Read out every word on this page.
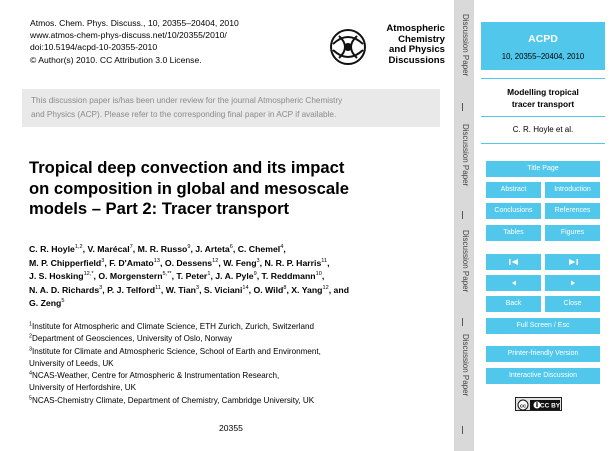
Atmos. Chem. Phys. Discuss., 10, 20355–20404, 2010
www.atmos-chem-phys-discuss.net/10/20355/2010/
doi:10.5194/acpd-10-20355-2010
© Author(s) 2010. CC Attribution 3.0 License.
Atmospheric
Chemistry
and Physics
Discussions
This discussion paper is/has been under review for the journal Atmospheric Chemistry
and Physics (ACP). Please refer to the corresponding final paper in ACP if available.
Tropical deep convection and its impact
on composition in global and mesoscale
models – Part 2: Tracer transport
C. R. Hoyle$^{1,2}$, V. Marécal$^7$, M. R. Russo$^9$, J. Arteta$^6$, C. Chemel$^4$,
M. P. Chipperfield$^3$, F. D'Amato$^{13}$, O. Dessens$^{12}$, W. Feng$^3$, N. R. P. Harris$^{11}$,
J. S. Hosking$^{12,*}$, O. Morgenstern$^{5,**}$, T. Peter$^1$, J. A. Pyle$^9$, T. Reddmann$^{10}$,
N. A. D. Richards$^3$, P. J. Telford$^{11}$, W. Tian$^3$, S. Viciani$^{14}$, O. Wild$^8$, X. Yang$^{12}$, and
G. Zeng$^5$
$^1$Institute for Atmospheric and Climate Science, ETH Zurich, Zurich, Switzerland
$^2$Department of Geosciences, University of Oslo, Norway
$^3$Institute for Climate and Atmospheric Science, School of Earth and Environment,
University of Leeds, UK
$^4$NCAS-Weather, Centre for Atmospheric & Instrumentation Research,
University of Herfordshire, UK
$^5$NCAS-Chemistry Climate, Department of Chemistry, Cambridge University, UK
20355
Discussion Paper
Discussion Paper
Discussion Paper
Discussion Paper
ACPD
10, 20355–20404, 2010
Modelling tropical
tracer transport
C. R. Hoyle et al.
Title Page
Abstract	Introduction
Conclusions	References
Tables	Figures
Back	Close
Full Screen / Esc
Printer-friendly Version
Interactive Discussion
cc CC BY
